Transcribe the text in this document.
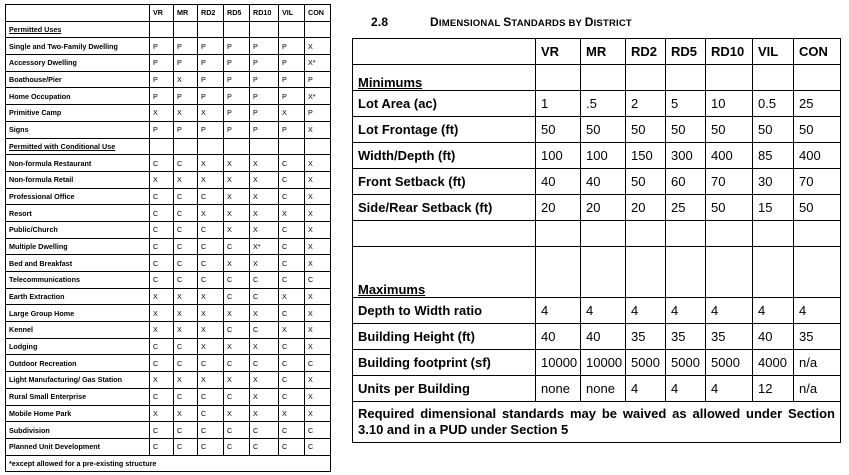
	VR	MR	RD2	RD5	RD10	VIL	CON
Permitted Uses							
Single and Two-Family Dwelling	P	P	P	P	P	P	X
Accessory Dwelling	P	P	P	P	P	P	X*
Boathouse/Pier	P	X	P	P	P	P	P
Home Occupation	P	P	P	P	P	P	X*
Primitive Camp	X	X	X	P	P	X	P
Signs	P	P	P	P	P	P	X
Permitted with Conditional Use							
Non-formula Restaurant	C	C	X	X	X	C	X
Non-formula Retail	X	X	X	X	X	C	X
Professional Office	C	C	C	X	X	C	X
Resort	C	C	X	X	X	X	X
Public/Church	C	C	C	X	X	C	X
Multiple Dwelling	C	C	C	C	X*	C	X
Bed and Breakfast	C	C	C	X	X	C	X
Telecommunications	C	C	C	C	C	C	C
Earth Extraction	X	X	X	C	C	X	X
Large Group Home	X	X	X	X	X	C	X
Kennel	X	X	X	C	C	X	X
Lodging	C	C	X	X	X	C	X
Outdoor Recreation	C	C	C	C	C	C	C
Light Manufacturing/ Gas Station	X	X	X	X	X	C	X
Rural Small Enterprise	C	C	C	C	X	C	X
Mobile Home Park	X	X	C	X	X	X	X
Subdivision	C	C	C	C	C	C	C
Planned Unit Development	C	C	C	C	C	C	C
*except allowed for a pre-existing structure							
2.8	DIMENSIONAL STANDARDS BY DISTRICT
	VR	MR	RD2	RD5	RD10	VIL	CON
Minimums							
Lot Area (ac)	1	.5	2	5	10	0.5	25
Lot Frontage (ft)	50	50	50	50	50	50	50
Width/Depth (ft)	100	100	150	300	400	85	400
Front Setback (ft)	40	40	50	60	70	30	70
Side/Rear Setback (ft)	20	20	20	25	50	15	50

Maximums							
Depth to Width ratio	4	4	4	4	4	4	4
Building Height (ft)	40	40	35	35	35	40	35
Building footprint (sf)	10000	10000	5000	5000	5000	4000	n/a
Units per Building	none	none	4	4	4	12	n/a
Required dimensional standards may be waived as allowed under Section 3.10 and in a PUD under Section 5							
